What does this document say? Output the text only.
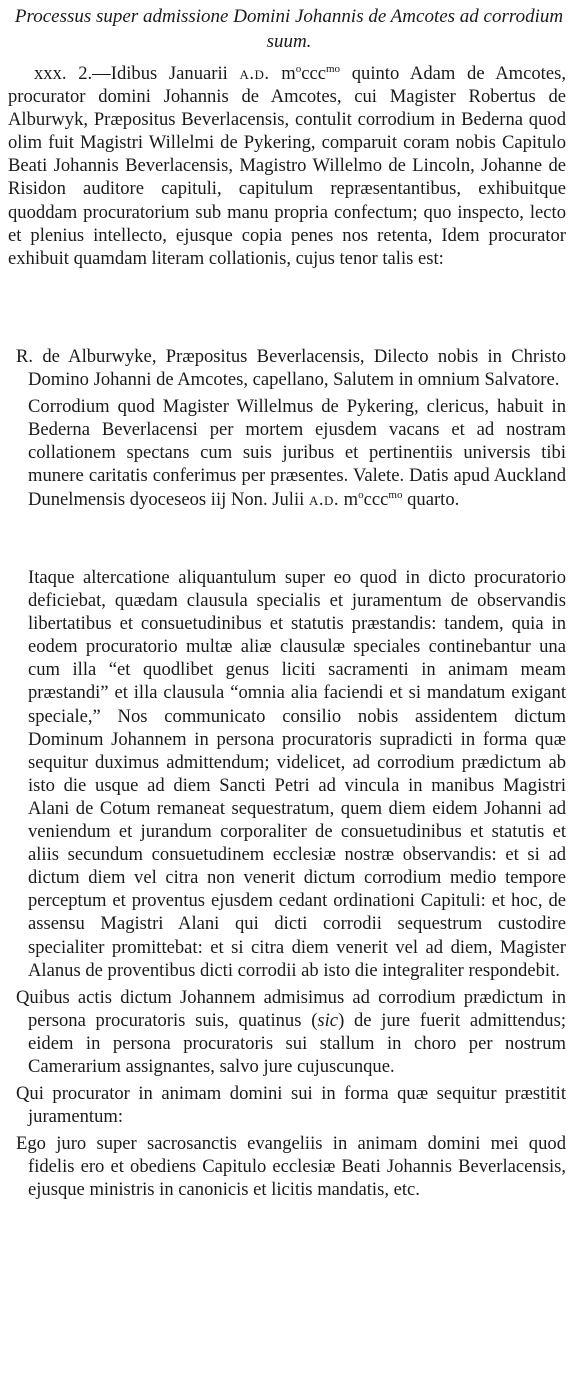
Processus super admissione Domini Johannis de Amcotes ad corrodium suum.

xxx. 2.—Idibus Januarii a.d. $m^occc^{mo}$ quinto Adam de Amcotes, procurator domini Johannis de Amcotes, cui Magister Robertus de Alburwyk, Præpositus Beverlacensis, contulit corrodium in Bederna quod olim fuit Magistri Willelmi de Pykering, comparuit coram nobis Capitulo Beati Johannis Beverlacensis, Magistro Willelmo de Lincoln, Johanne de Risidon auditore capituli, capitulum repræsentantibus, exhibuitque quoddam procuratorium sub manu propria confectum; quo inspecto, lecto et plenius intellecto, ejusque copia penes nos retenta, Idem procurator exhibuit quamdam literam collationis, cujus tenor talis est:

R. de Alburwyke, Præpositus Beverlacensis, Dilecto nobis in Christo Domino Johanni de Amcotes, capellano, Salutem in omnium Salvatore.

Corrodium quod Magister Willelmus de Pykering, clericus, habuit in Bederna Beverlacensi per mortem ejusdem vacans et ad nostram collationem spectans cum suis juribus et pertinentiis universis tibi munere caritatis conferimus per præsentes. Valete. Datis apud Auckland Dunelmensis dyoceseos iij Non. Julii a.d. $m^occc^{mo}$ quarto.

Itaque altercatione aliquantulum super eo quod in dicto procuratorio deficiebat, quædam clausula specialis et juramentum de observandis libertatibus et consuetudinibus et statutis præstandis: tandem, quia in eodem procuratorio multæ aliæ clausulæ speciales continebantur una cum illa “et quodlibet genus liciti sacramenti in animam meam præstandi” et illa clausula “omnia alia faciendi et si mandatum exigant speciale,” Nos communicato consilio nobis assidentem dictum Dominum Johannem in persona procuratoris supradicti in forma quæ sequitur duximus admittendum; videlicet, ad corrodium prædictum ab isto die usque ad diem Sancti Petri ad vincula in manibus Magistri Alani de Cotum remaneat sequestratum, quem diem eidem Johanni ad veniendum et jurandum corporaliter de consuetudinibus et statutis et aliis secundum consuetudinem ecclesiæ nostræ observandis: et si ad dictum diem vel citra non venerit dictum corrodium medio tempore perceptum et proventus ejusdem cedant ordinationi Capituli: et hoc, de assensu Magistri Alani qui dicti corrodii sequestrum custodire specialiter promittebat: et si citra diem venerit vel ad diem, Magister Alanus de proventibus dicti corrodii ab isto die integraliter respondebit.

Quibus actis dictum Johannem admisimus ad corrodium prædictum in persona procuratoris suis, quatinus (sic) de jure fuerit admittendus; eidem in persona procuratoris sui stallum in choro per nostrum Camerarium assignantes, salvo jure cujuscunque.

Qui procurator in animam domini sui in forma quæ sequitur præstitit juramentum:

Ego juro super sacrosanctis evangeliis in animam domini mei quod fidelis ero et obediens Capitulo ecclesiæ Beati Johannis Beverlacensis, ejusque ministris in canonicis et licitis mandatis, etc.
